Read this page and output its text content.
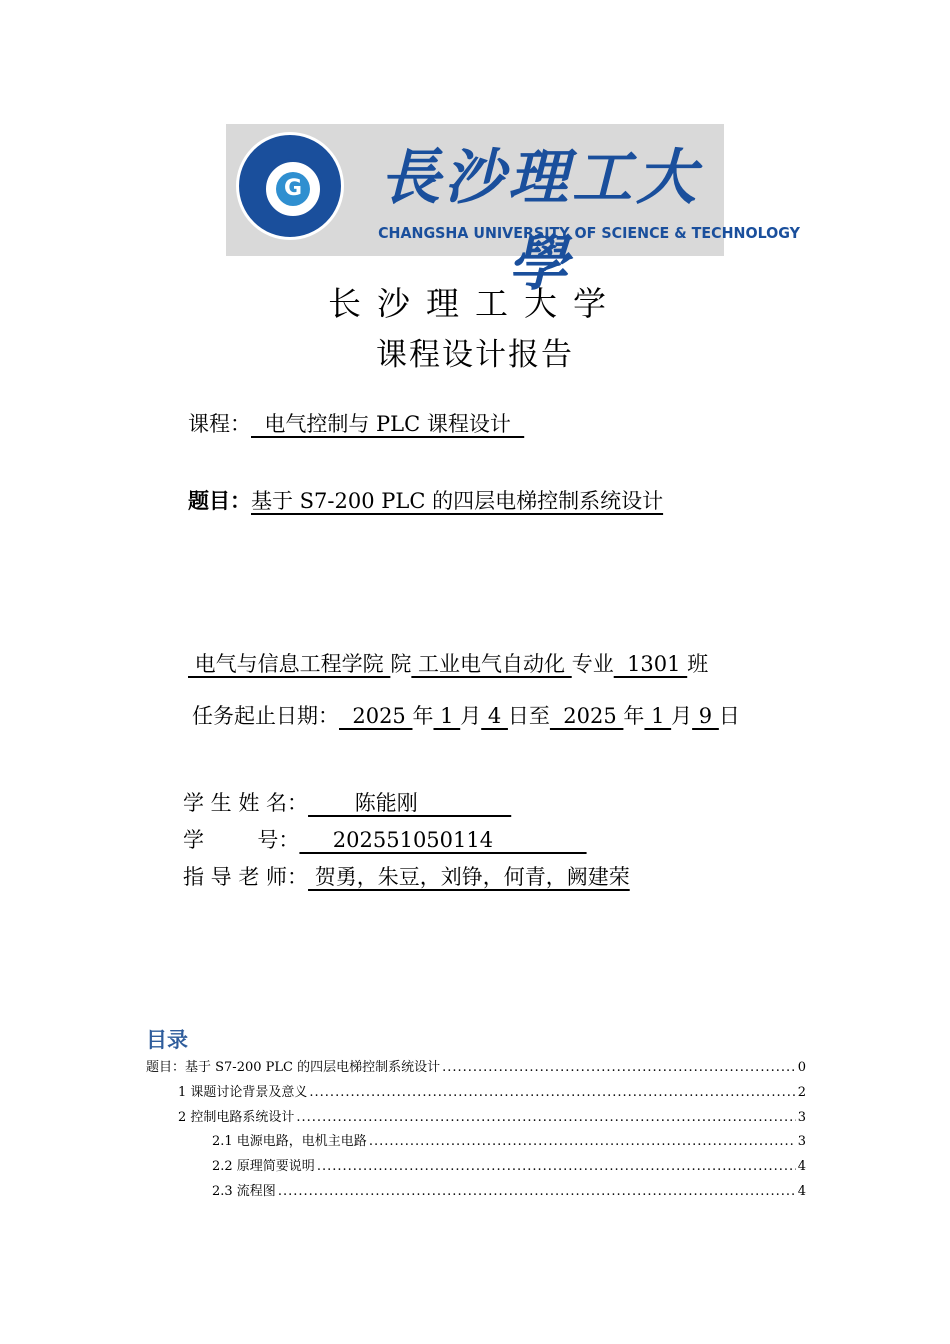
G 長沙理工大學
CHANGSHA UNIVERSITY OF SCIENCE & TECHNOLOGY
长沙理工大学
课程设计报告
课程：  电气控制与 PLC 课程设计
题目：基于 S7-200 PLC 的四层电梯控制系统设计
电气与信息工程学院 院 工业电气自动化 专业  1301 班
任务起止日期：  2025 年 1 月 4 日至  2025 年 1 月 9 日
学 生 姓 名：       陈能刚
学        号：     202551050114
指 导 老 师： 贺勇，朱豆，刘铮，何青，阙建荣
目录
题目：基于 S7-200 PLC 的四层电梯控制系统设计 .....	0
1 课题讨论背景及意义 .....	2
2 控制电路系统设计 .....	3
2.1 电源电路，电机主电路 .....	3
2.2 原理简要说明 .....	4
2.3 流程图 .....	4
